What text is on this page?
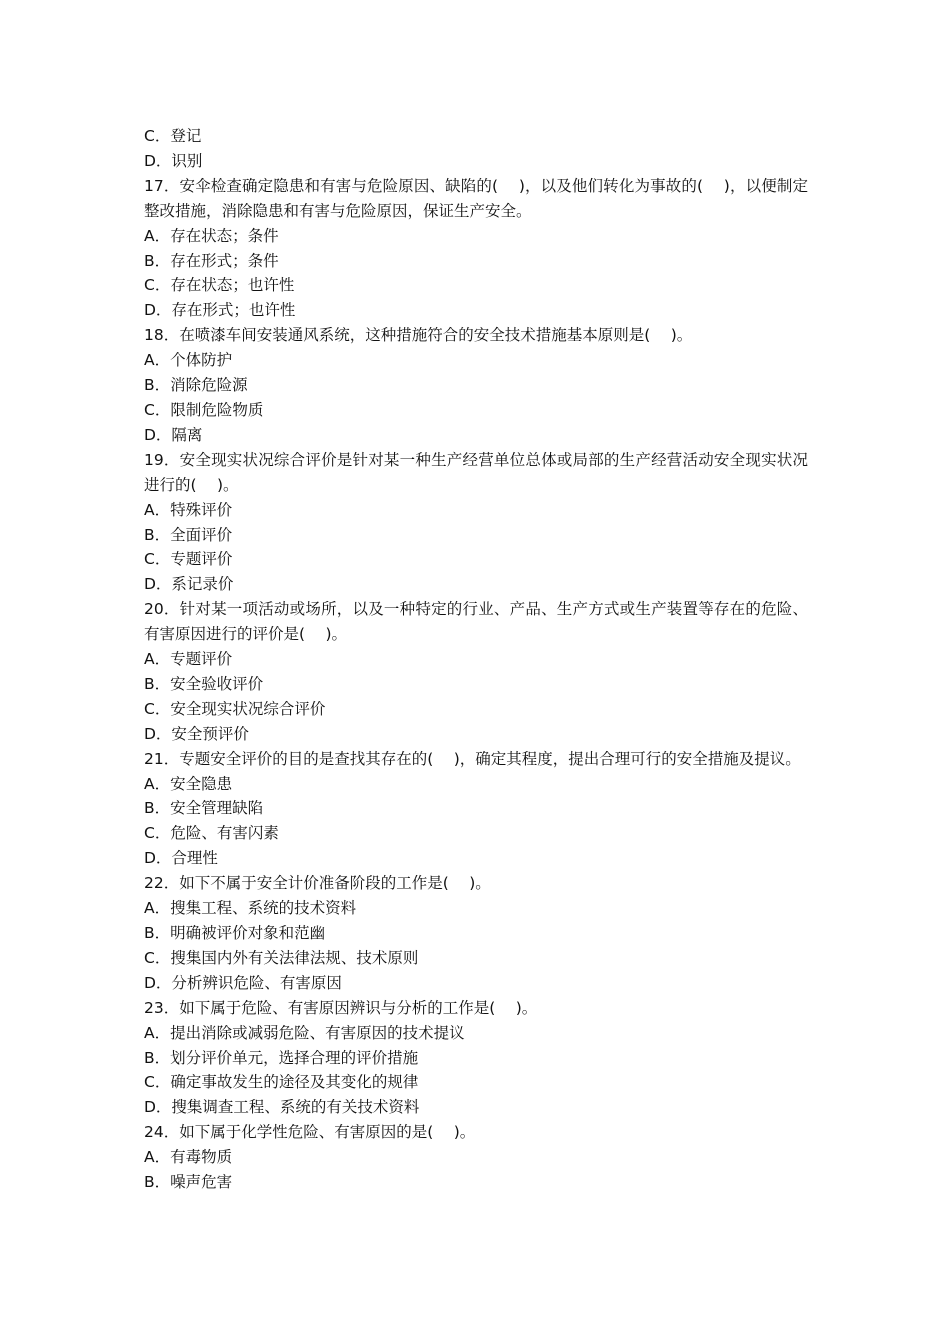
C．登记
D．识别
17．安伞检查确定隐患和有害与危险原因、缺陷的(　 )，以及他们转化为事故的(　 )，以便制定整改措施，消除隐患和有害与危险原因，保证生产安全。
A．存在状态；条件
B．存在形式；条件
C．存在状态；也许性
D．存在形式；也许性
18．在喷漆车间安装通风系统，这种措施符合的安全技术措施基本原则是(　 )。
A．个体防护
B．消除危险源
C．限制危险物质
D．隔离
19．安全现实状况综合评价是针对某一种生产经营单位总体或局部的生产经营活动安全现实状况进行的(　 )。
A．特殊评价
B．全面评价
C．专题评价
D．系记录价
20．针对某一项活动或场所，以及一种特定的行业、产品、生产方式或生产装置等存在的危险、有害原因进行的评价是(　 )。
A．专题评价
B．安全验收评价
C．安全现实状况综合评价
D．安全预评价
21．专题安全评价的目的是查找其存在的(　 )，确定其程度，提出合理可行的安全措施及提议。
A．安全隐患
B．安全管理缺陷
C．危险、有害闪素
D．合理性
22．如下不属于安全计价准备阶段的工作是(　 )。
A．搜集工程、系统的技术资料
B．明确被评价对象和范幽
C．搜集国内外有关法律法规、技术原则
D．分析辨识危险、有害原因
23．如下属于危险、有害原因辨识与分析的工作是(　 )。
A．提出消除或减弱危险、有害原因的技术提议
B．划分评价单元，选择合理的评价措施
C．确定事故发生的途径及其变化的规律
D．搜集调查工程、系统的有关技术资料
24．如下属于化学性危险、有害原因的是(　 )。
A．有毒物质
B．噪声危害
